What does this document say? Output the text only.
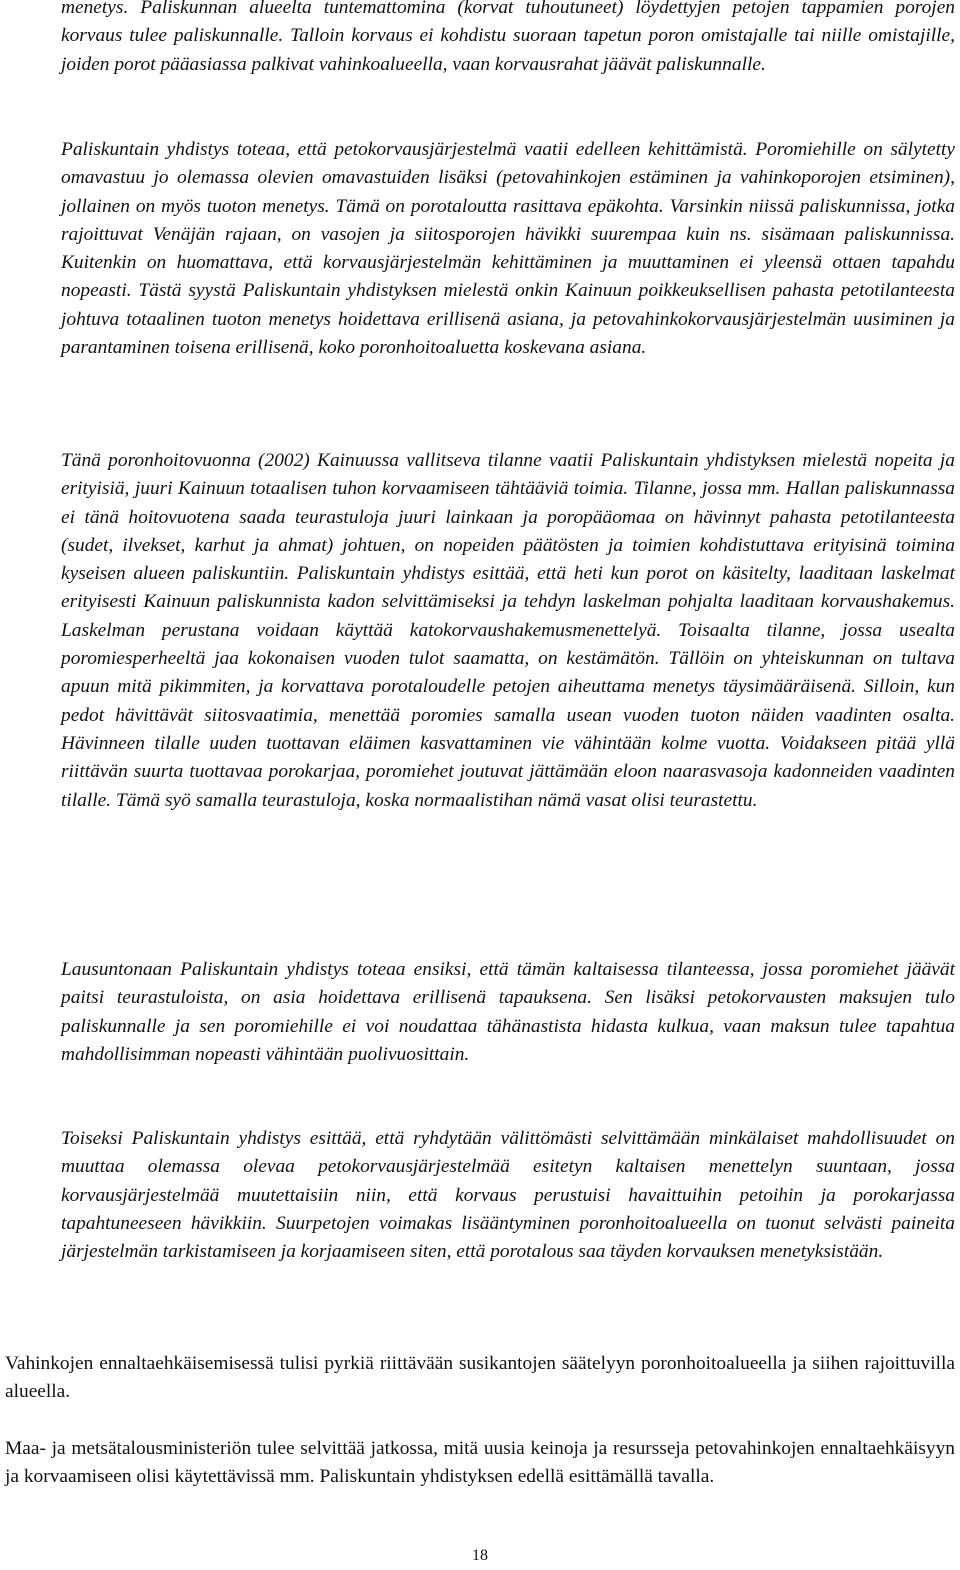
menetys. Paliskunnan alueelta tuntemattomina (korvat tuhoutuneet) löydettyjen petojen tappamien porojen korvaus tulee paliskunnalle. Talloin korvaus ei kohdistu suoraan tapetun poron omistajalle tai niille omistajille, joiden porot pääasiassa palkivat vahinkoalueella, vaan korvausrahat jäävät paliskunnalle.

Paliskuntain yhdistys toteaa, että petokorvausjärjestelmä vaatii edelleen kehittämistä. Poromiehille on sälytetty omavastuu jo olemassa olevien omavastuiden lisäksi (petovahinkojen estäminen ja vahinkoporojen etsiminen), jollainen on myös tuoton menetys. Tämä on porotaloutta rasittava epäkohta. Varsinkin niissä paliskunnissa, jotka rajoittuvat Venäjän rajaan, on vasojen ja siitosporojen hävikki suurempaa kuin ns. sisämaan paliskunnissa. Kuitenkin on huomattava, että korvausjärjestelmän kehittäminen ja muuttaminen ei yleensä ottaen tapahdu nopeasti. Tästä syystä Paliskuntain yhdistyksen mielestä onkin Kainuun poikkeuksellisen pahasta petotilanteesta johtuva totaalinen tuoton menetys hoidettava erillisenä asiana, ja petovahinkokorvausjärjestelmän uusiminen ja parantaminen toisena erillisenä, koko poronhoitoaluetta koskevana asiana.

Tänä poronhoitovuonna (2002) Kainuussa vallitseva tilanne vaatii Paliskuntain yhdistyksen mielestä nopeita ja erityisiä, juuri Kainuun totaalisen tuhon korvaamiseen tähtääviä toimia. Tilanne, jossa mm. Hallan paliskunnassa ei tänä hoitovuotena saada teurastuloja juuri lainkaan ja poropääomaa on hävinnyt pahasta petotilanteesta (sudet, ilvekset, karhut ja ahmat) johtuen, on nopeiden päätösten ja toimien kohdistuttava erityisinä toimina kyseisen alueen paliskuntiin. Paliskuntain yhdistys esittää, että heti kun porot on käsitelty, laaditaan laskelmat erityisesti Kainuun paliskunnista kadon selvittämiseksi ja tehdyn laskelman pohjalta laaditaan korvaushakemus. Laskelman perustana voidaan käyttää katokorvaushakemusmenettelyä. Toisaalta tilanne, jossa usealta poromiesperheeltä jaa kokonaisen vuoden tulot saamatta, on kestämätön. Tällöin on yhteiskunnan on tultava apuun mitä pikimmiten, ja korvattava porotaloudelle petojen aiheuttama menetys täysimääräisenä. Silloin, kun pedot hävittävät siitosvaatimia, menettää poromies samalla usean vuoden tuoton näiden vaadinten osalta. Hävinneen tilalle uuden tuottavan eläimen kasvattaminen vie vähintään kolme vuotta. Voidakseen pitää yllä riittävän suurta tuottavaa porokarjaa, poromiehet joutuvat jättämään eloon naarasvasoja kadonneiden vaadinten tilalle. Tämä syö samalla teurastuloja, koska normaalistihan nämä vasat olisi teurastettu.

Lausuntonaan Paliskuntain yhdistys toteaa ensiksi, että tämän kaltaisessa tilanteessa, jossa poromiehet jäävät paitsi teurastuloista, on asia hoidettava erillisenä tapauksena. Sen lisäksi petokorvausten maksujen tulo paliskunnalle ja sen poromiehille ei voi noudattaa tähänastista hidasta kulkua, vaan maksun tulee tapahtua mahdollisimman nopeasti vähintään puolivuosittain.

Toiseksi Paliskuntain yhdistys esittää, että ryhdytään välittömästi selvittämään minkälaiset mahdollisuudet on muuttaa olemassa olevaa petokorvausjärjestelmää esitetyn kaltaisen menettelyn suuntaan, jossa korvausjärjestelmää muutettaisiin niin, että korvaus perustuisi havaittuihin petoihin ja porokarjassa tapahtuneeseen hävikkiin. Suurpetojen voimakas lisääntyminen poronhoitoalueella on tuonut selvästi paineita järjestelmän tarkistamiseen ja korjaamiseen siten, että porotalous saa täyden korvauksen menetyksistään.

Vahinkojen ennaltaehkäisemisessä tulisi pyrkiä riittävään susikantojen säätelyyn poronhoitoalueella ja siihen rajoittuvilla alueella.

Maa- ja metsätalousministeriön tulee selvittää jatkossa, mitä uusia keinoja ja resursseja petovahinkojen ennaltaehkäisyyn ja korvaamiseen olisi käytettävissä mm. Paliskuntain yhdistyksen edellä esittämällä tavalla.

18
